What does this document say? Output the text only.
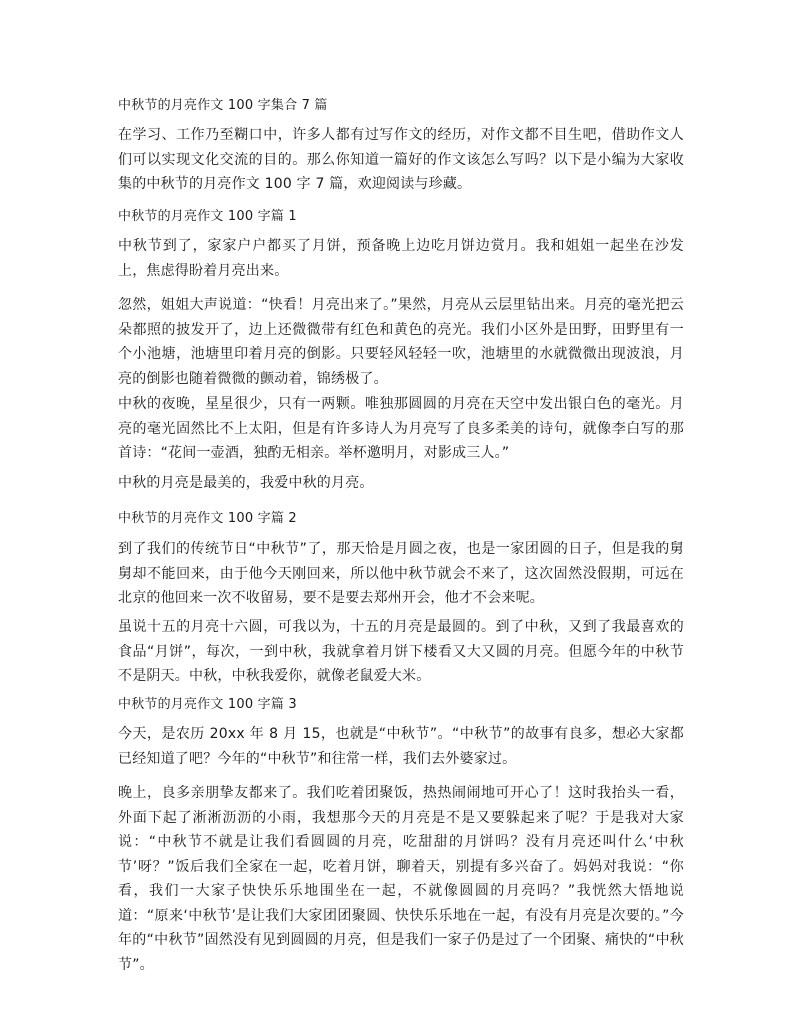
中秋节的月亮作文 100 字集合 7 篇

在学习、工作乃至糊口中，许多人都有过写作文的经历，对作文都不目生吧，借助作文人们可以实现文化交流的目的。那么你知道一篇好的作文该怎么写吗？以下是小编为大家收集的中秋节的月亮作文 100 字 7 篇，欢迎阅读与珍藏。

中秋节的月亮作文 100 字篇 1

中秋节到了，家家户户都买了月饼，预备晚上边吃月饼边赏月。我和姐姐一起坐在沙发上，焦虑得盼着月亮出来。

忽然，姐姐大声说道：“快看！月亮出来了。”果然，月亮从云层里钻出来。月亮的毫光把云朵都照的披发开了，边上还微微带有红色和黄色的亮光。我们小区外是田野，田野里有一个小池塘，池塘里印着月亮的倒影。只要轻风轻轻一吹，池塘里的水就微微出现波浪，月亮的倒影也随着微微的颤动着，锦绣极了。

中秋的夜晚，星星很少，只有一两颗。唯独那圆圆的月亮在天空中发出银白色的毫光。月亮的毫光固然比不上太阳，但是有许多诗人为月亮写了良多柔美的诗句，就像李白写的那首诗：“花间一壶酒，独酌无相亲。举杯邀明月，对影成三人。”

中秋的月亮是最美的，我爱中秋的月亮。

中秋节的月亮作文 100 字篇 2

到了我们的传统节日“中秋节”了，那天恰是月圆之夜，也是一家团圆的日子，但是我的舅舅却不能回来，由于他今天刚回来，所以他中秋节就会不来了，这次固然没假期，可远在北京的他回来一次不收留易，要不是要去郑州开会，他才不会来呢。

虽说十五的月亮十六圆，可我以为，十五的月亮是最圆的。到了中秋，又到了我最喜欢的食品“月饼”，每次，一到中秋，我就拿着月饼下楼看又大又圆的月亮。但愿今年的中秋节不是阴天。中秋，中秋我爱你，就像老鼠爱大米。

中秋节的月亮作文 100 字篇 3

今天，是农历 20xx 年 8 月 15，也就是“中秋节”。“中秋节”的故事有良多，想必大家都已经知道了吧？今年的“中秋节”和往常一样，我们去外婆家过。

晚上，良多亲朋挚友都来了。我们吃着团聚饭，热热闹闹地可开心了！这时我抬头一看，外面下起了淅淅沥沥的小雨，我想那今天的月亮是不是又要躲起来了呢？于是我对大家说：“中秋节不就是让我们看圆圆的月亮，吃甜甜的月饼吗？没有月亮还叫什么‘中秋节’呀？”饭后我们全家在一起，吃着月饼，聊着天，别提有多兴奋了。妈妈对我说：“你看，我们一大家子快快乐乐地围坐在一起，不就像圆圆的月亮吗？”我恍然大悟地说道：“原来‘中秋节’是让我们大家团团聚圆、快快乐乐地在一起，有没有月亮是次要的。”今年的“中秋节”固然没有见到圆圆的月亮，但是我们一家子仍是过了一个团聚、痛快的“中秋节”。
